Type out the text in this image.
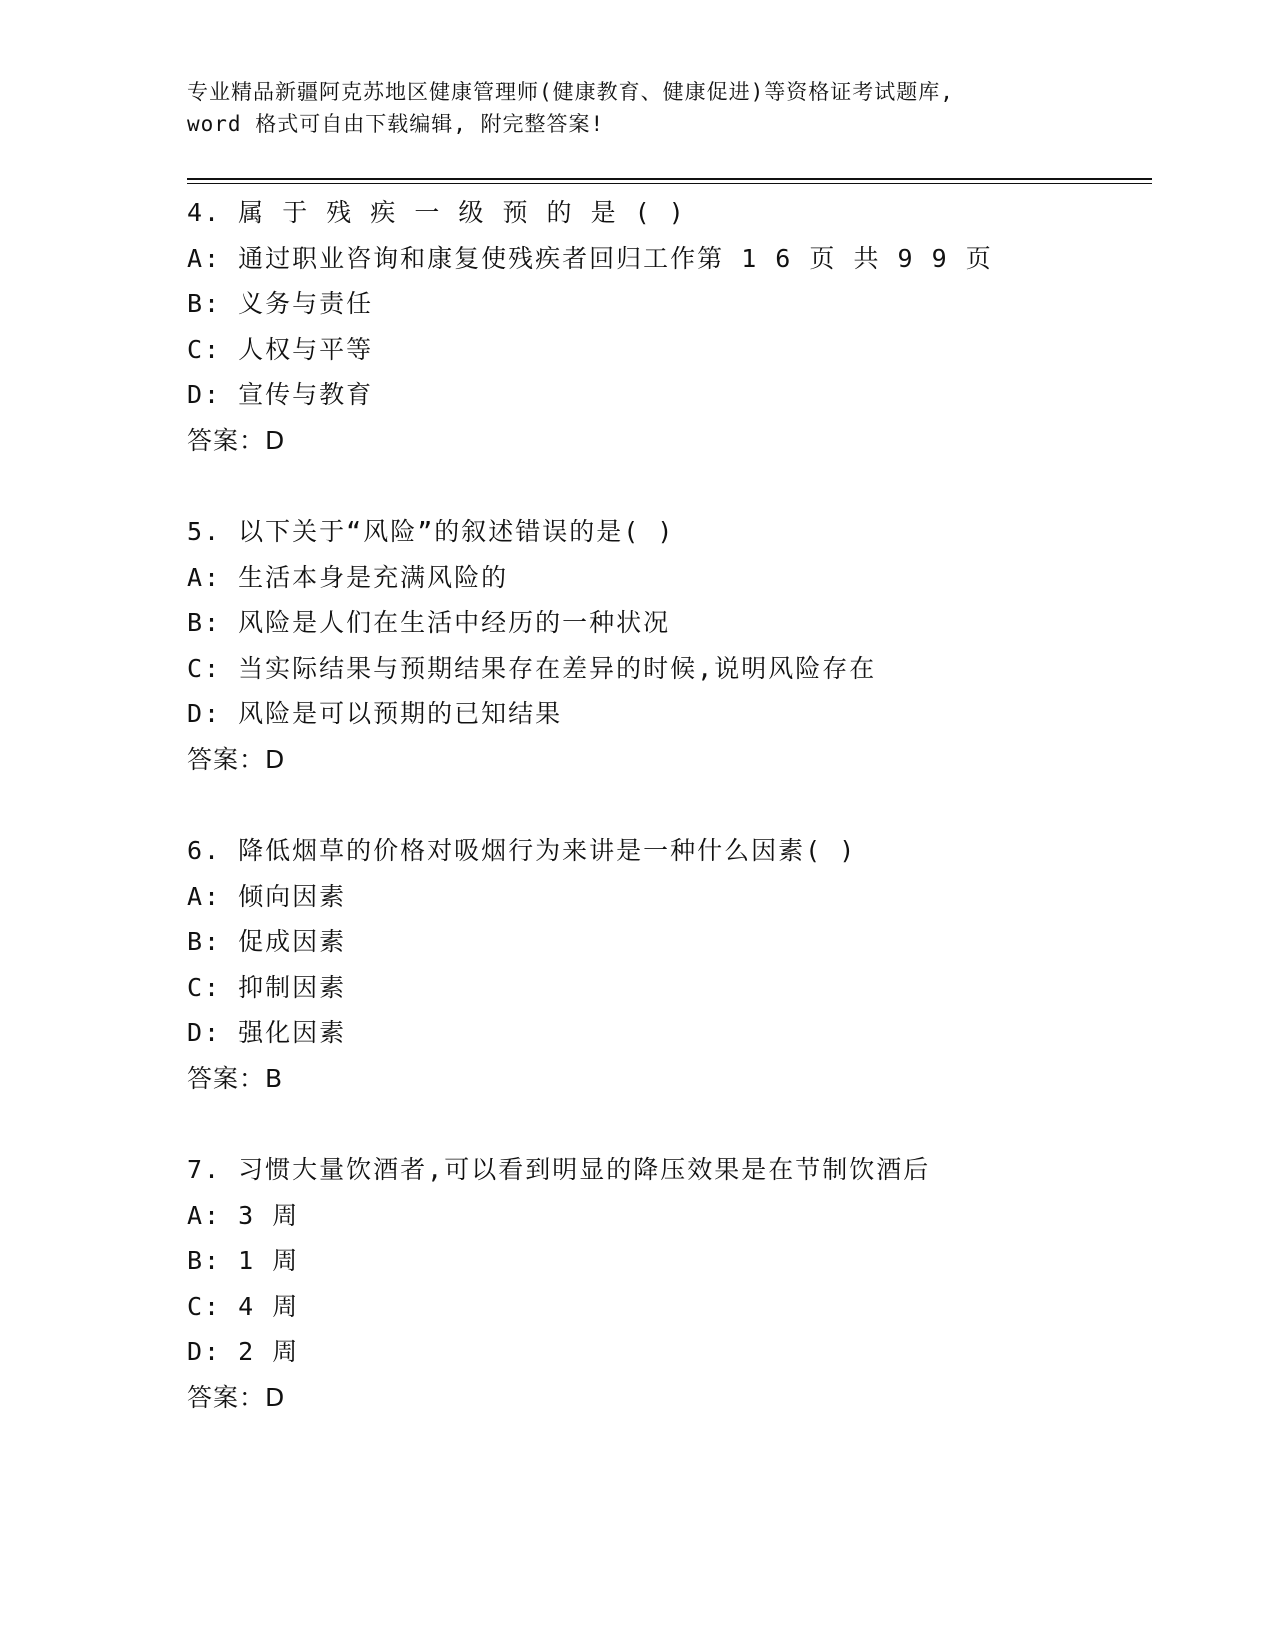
专业精品新疆阿克苏地区健康管理师(健康教育、健康促进)等资格证考试题库,
word 格式可自由下载编辑, 附完整答案!
4. 属 于 残 疾 一 级 预 的 是 ( )
A: 通过职业咨询和康复使残疾者回归工作第 1 6 页 共 9 9 页
B: 义务与责任
C: 人权与平等
D: 宣传与教育
答案：D
5. 以下关于“风险”的叙述错误的是( )
A: 生活本身是充满风险的
B: 风险是人们在生活中经历的一种状况
C: 当实际结果与预期结果存在差异的时候,说明风险存在
D: 风险是可以预期的已知结果
答案：D
6. 降低烟草的价格对吸烟行为来讲是一种什么因素( )
A: 倾向因素
B: 促成因素
C: 抑制因素
D: 强化因素
答案：B
7. 习惯大量饮酒者,可以看到明显的降压效果是在节制饮酒后
A: 3 周
B: 1 周
C: 4 周
D: 2 周
答案：D
